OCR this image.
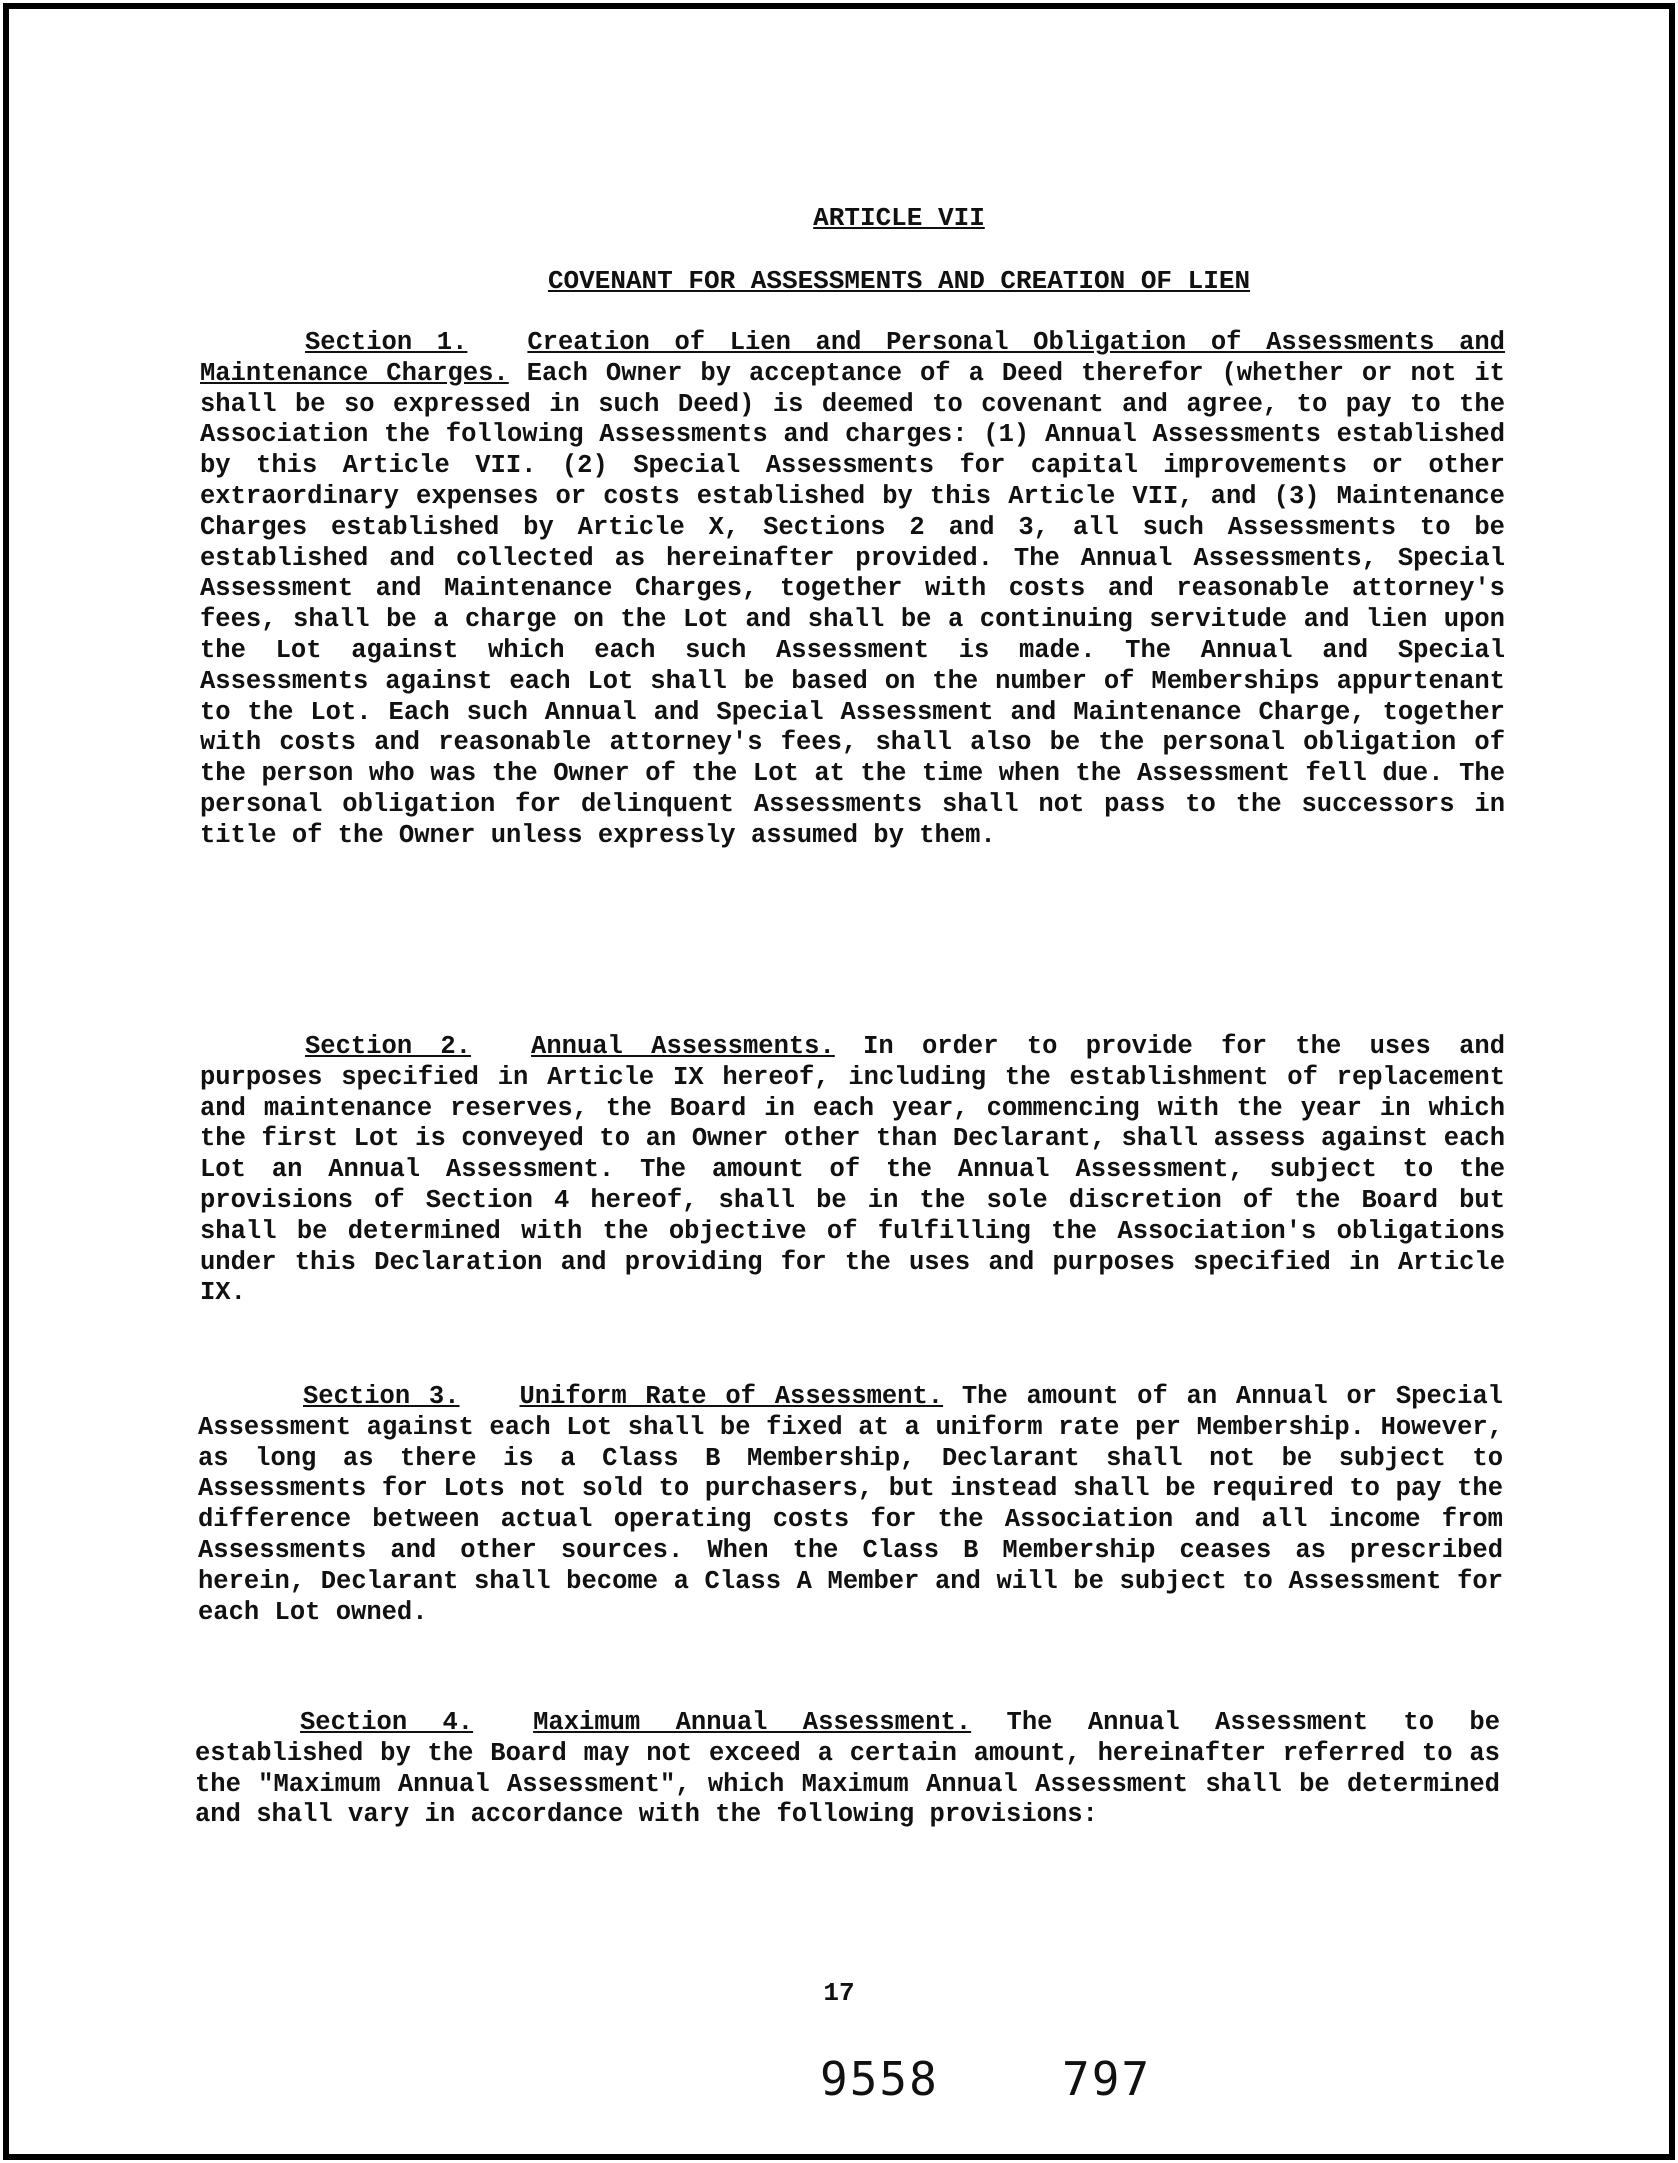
ARTICLE VII
COVENANT FOR ASSESSMENTS AND CREATION OF LIEN

Section 1. Creation of Lien and Personal Obligation of Assessments and Maintenance Charges. Each Owner by acceptance of a Deed therefor (whether or not it shall be so expressed in such Deed) is deemed to covenant and agree, to pay to the Association the following Assessments and charges: (1) Annual Assessments established by this Article VII. (2) Special Assessments for capital improvements or other extraordinary expenses or costs established by this Article VII, and (3) Maintenance Charges established by Article X, Sections 2 and 3, all such Assessments to be established and collected as hereinafter provided. The Annual Assessments, Special Assessment and Maintenance Charges, together with costs and reasonable attorney's fees, shall be a charge on the Lot and shall be a continuing servitude and lien upon the Lot against which each such Assessment is made. The Annual and Special Assessments against each Lot shall be based on the number of Memberships appurtenant to the Lot. Each such Annual and Special Assessment and Maintenance Charge, together with costs and reasonable attorney's fees, shall also be the personal obligation of the person who was the Owner of the Lot at the time when the Assessment fell due. The personal obligation for delinquent Assessments shall not pass to the successors in title of the Owner unless expressly assumed by them.

Section 2. Annual Assessments. In order to provide for the uses and purposes specified in Article IX hereof, including the establishment of replacement and maintenance reserves, the Board in each year, commencing with the year in which the first Lot is conveyed to an Owner other than Declarant, shall assess against each Lot an Annual Assessment. The amount of the Annual Assessment, subject to the provisions of Section 4 hereof, shall be in the sole discretion of the Board but shall be determined with the objective of fulfilling the Association's obligations under this Declaration and providing for the uses and purposes specified in Article IX.

Section 3. Uniform Rate of Assessment. The amount of an Annual or Special Assessment against each Lot shall be fixed at a uniform rate per Membership. However, as long as there is a Class B Membership, Declarant shall not be subject to Assessments for Lots not sold to purchasers, but instead shall be required to pay the difference between actual operating costs for the Association and all income from Assessments and other sources. When the Class B Membership ceases as prescribed herein, Declarant shall become a Class A Member and will be subject to Assessment for each Lot owned.

Section 4. Maximum Annual Assessment. The Annual Assessment to be established by the Board may not exceed a certain amount, hereinafter referred to as the "Maximum Annual Assessment", which Maximum Annual Assessment shall be determined and shall vary in accordance with the following provisions:

17
9558	797
